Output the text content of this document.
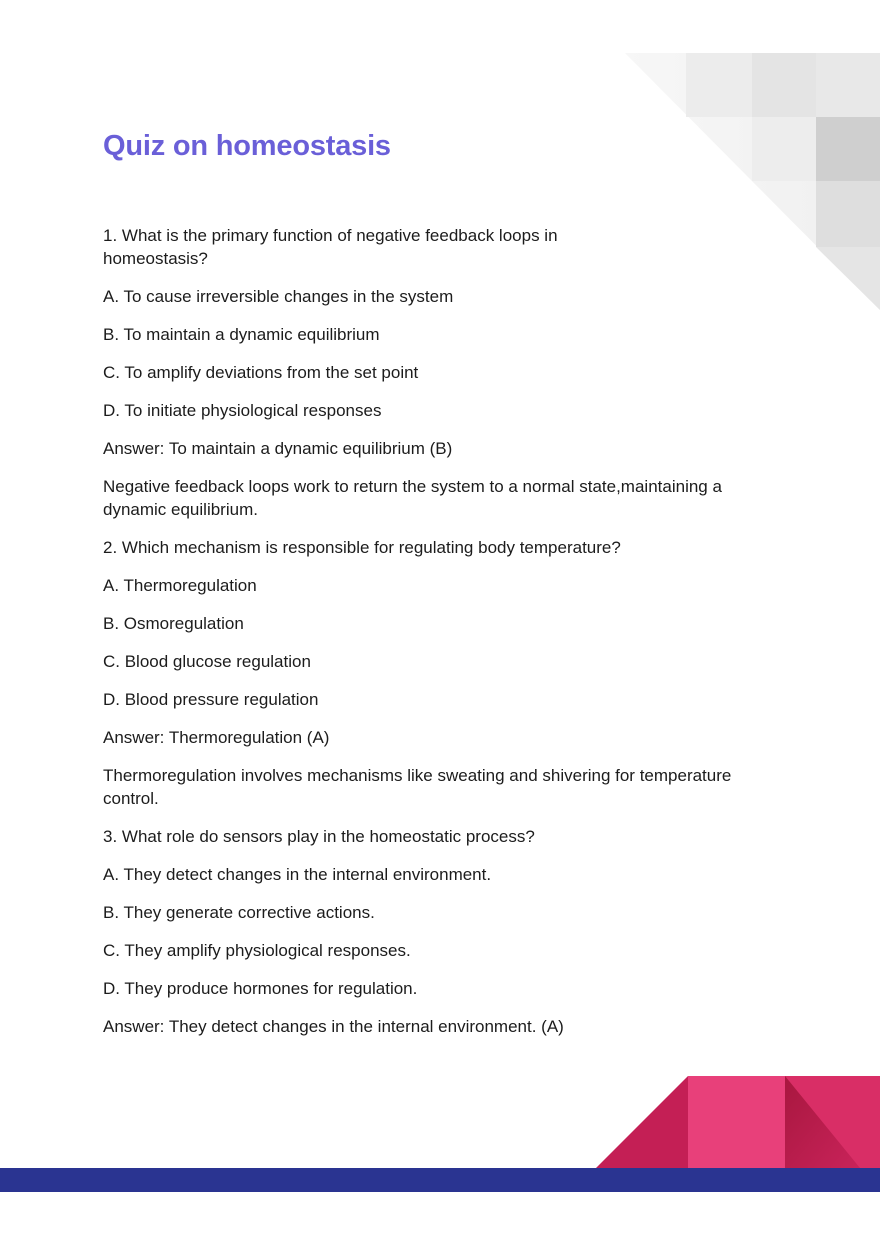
Quiz on homeostasis

1. What is the primary function of negative feedback loops in homeostasis?

A. To cause irreversible changes in the system

B. To maintain a dynamic equilibrium

C. To amplify deviations from the set point

D. To initiate physiological responses

Answer: To maintain a dynamic equilibrium (B)

Negative feedback loops work to return the system to a normal state,maintaining a dynamic equilibrium.

2. Which mechanism is responsible for regulating body temperature?

A. Thermoregulation

B. Osmoregulation

C. Blood glucose regulation

D. Blood pressure regulation

Answer: Thermoregulation (A)

Thermoregulation involves mechanisms like sweating and shivering for temperature control.

3. What role do sensors play in the homeostatic process?

A. They detect changes in the internal environment.

B. They generate corrective actions.

C. They amplify physiological responses.

D. They produce hormones for regulation.

Answer: They detect changes in the internal environment. (A)
